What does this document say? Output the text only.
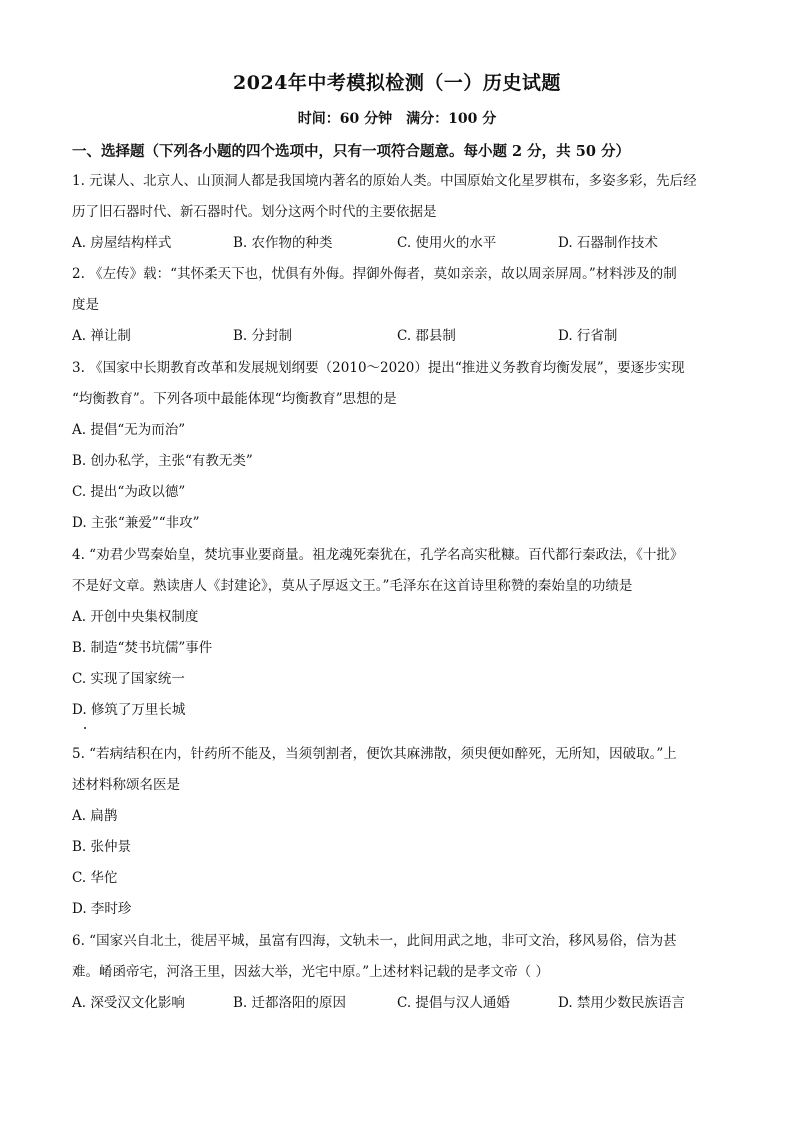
2024年中考模拟检测（一）历史试题
时间：60 分钟 满分：100 分
一、选择题（下列各小题的四个选项中，只有一项符合题意。每小题 2 分，共 50 分）
1. 元谋人、北京人、山顶洞人都是我国境内著名的原始人类。中国原始文化星罗棋布，多姿多彩，先后经
历了旧石器时代、新石器时代。划分这两个时代的主要依据是
A. 房屋结构样式	B. 农作物的种类	C. 使用火的水平	D. 石器制作技术
2. 《左传》载：“其怀柔天下也，忧俱有外侮。捍御外侮者，莫如亲亲，故以周亲屏周。”材料涉及的制
度是
A. 禅让制	B. 分封制	C. 郡县制	D. 行省制
3. 《国家中长期教育改革和发展规划纲要（2010～2020）提出“推进义务教育均衡发展”，要逐步实现
“均衡教育”。下列各项中最能体现“均衡教育”思想的是
A. 提倡“无为而治”
B. 创办私学，主张“有教无类”
C. 提出“为政以德”
D. 主张“兼爱”“非攻”
4. “劝君少骂秦始皇，焚坑事业要商量。祖龙魂死秦犹在，孔学名高实秕糠。百代都行秦政法，《十批》
不是好文章。熟读唐人《封建论》，莫从子厚返文王。”毛泽东在这首诗里称赞的秦始皇的功绩是
A. 开创中央集权制度
B. 制造“焚书坑儒”事件
C. 实现了国家统一
D. 修筑了万里长城
5. “若病结积在内，针药所不能及，当须刳割者，便饮其麻沸散，须臾便如醉死，无所知，因破取。”上
述材料称颂名医是
A. 扁鹊
B. 张仲景
C. 华佗
D. 李时珍
6. “国家兴自北土，徙居平城，虽富有四海，文轨未一，此间用武之地，非可文治，移风易俗，信为甚
难。崤函帝宅，河洛王里，因兹大举，光宅中原。”上述材料记载的是孝文帝（ ）
A. 深受汉文化影响	B. 迁都洛阳的原因	C. 提倡与汉人通婚	D. 禁用少数民族语言
